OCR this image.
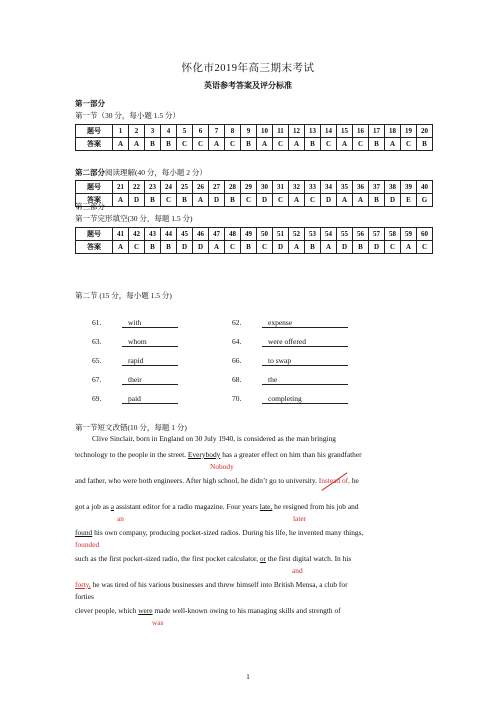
怀化市2019年高三期末考试
英语参考答案及评分标准
第一部分
第一节（30 分，每小题 1.5 分）
题号	1	2	3	4	5	6	7	8	9	10	11	12	13	14	15	16	17	18	19	20
答案	A	A	B	B	C	C	A	C	B	A	C	A	B	C	A	C	B	A	C	B
第二部分阅读理解(40 分，每小题 2 分）
题号	21	22	23	24	25	26	27	28	29	30	31	32	33	34	35	36	37	38	39	40
答案	A	D	B	C	B	A	D	B	C	D	C	A	C	D	A	A	B	D	E	G
第三部分
第一节完形填空(30 分，每题 1.5 分)
题号	41	42	43	44	45	46	47	48	49	50	51	52	53	54	55	56	57	58	59	60
答案	A	C	B	B	D	D	A	C	B	C	D	A	B	A	D	B	D	C	A	C
第二节 (15 分，每小题 1.5 分)
61.	with	62.	expense
63.	whom	64.	were offered
65.	rapid	66.	to swap
67.	their	68.	the
69.	paid	70.	completing
第一节短文改错(10 分，每题 1 分)
Clive Sinclair, born in England on 30 July 1940, is considered as the man bringing
technology to the people in the street. Everybody has a greater effect on him than his grandfather
Nobody
and father, who were both engineers. After high school, he didn’t go to university. Instead of, he
got a job as a assistant editor for a radio magazine. Four years late, he resigned from his job and
an	later
found his own company, producing pocket-sized radios. During his life, he invented many things,
founded
such as the first pocket-sized radio, the first pocket calculator, or the first digital watch. In his
and
forty, he was tired of his various businesses and threw himself into British Mensa, a club for
forties
clever people, which were made well-known owing to his managing skills and strength of
was
1
